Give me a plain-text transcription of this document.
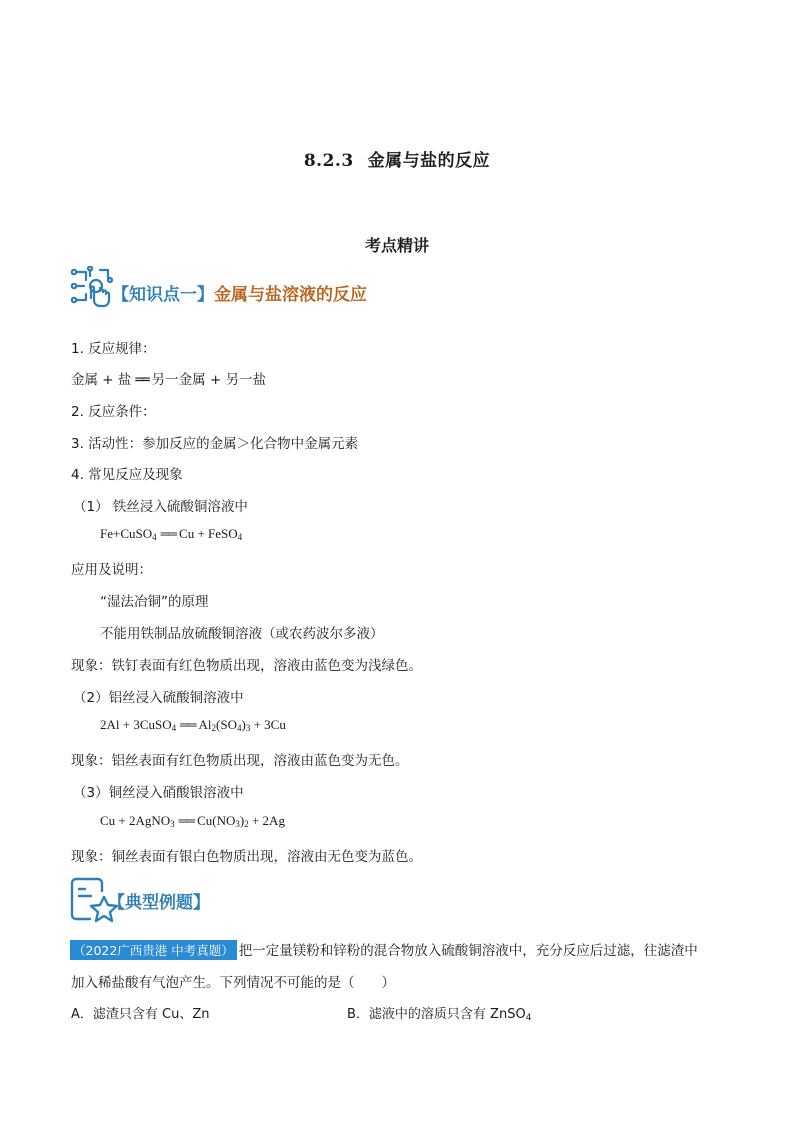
8.2.3 金属与盐的反应
考点精讲
【知识点一】金属与盐溶液的反应
1. 反应规律：
金属 + 盐 ══ 另一金属 + 另一盐
2. 反应条件：
3. 活动性：参加反应的金属＞化合物中金属元素
4. 常见反应及现象
（1） 铁丝浸入硫酸铜溶液中
Fe+CuSO$_4$ ══ Cu + FeSO$_4$
应用及说明：
“湿法冶铜”的原理
不能用铁制品放硫酸铜溶液（或农药波尔多液）
现象：铁钉表面有红色物质出现，溶液由蓝色变为浅绿色。
（2）铝丝浸入硫酸铜溶液中
2Al + 3CuSO$_4$ ══ $Al_2(SO_4)_3 + 3Cu$
现象：铝丝表面有红色物质出现，溶液由蓝色变为无色。
（3）铜丝浸入硝酸银溶液中
Cu + 2AgNO$_3$ ══ $Cu(NO_3)_2 + 2Ag$
现象：铜丝表面有银白色物质出现，溶液由无色变为蓝色。
【典型例题】
（2022广西贵港 中考真题） 把一定量镁粉和锌粉的混合物放入硫酸铜溶液中，充分反应后过滤，往滤渣中
加入稀盐酸有气泡产生。下列情况不可能的是（　　）
A．滤渣只含有 Cu、Zn	B．滤液中的溶质只含有 ZnSO$_4$
